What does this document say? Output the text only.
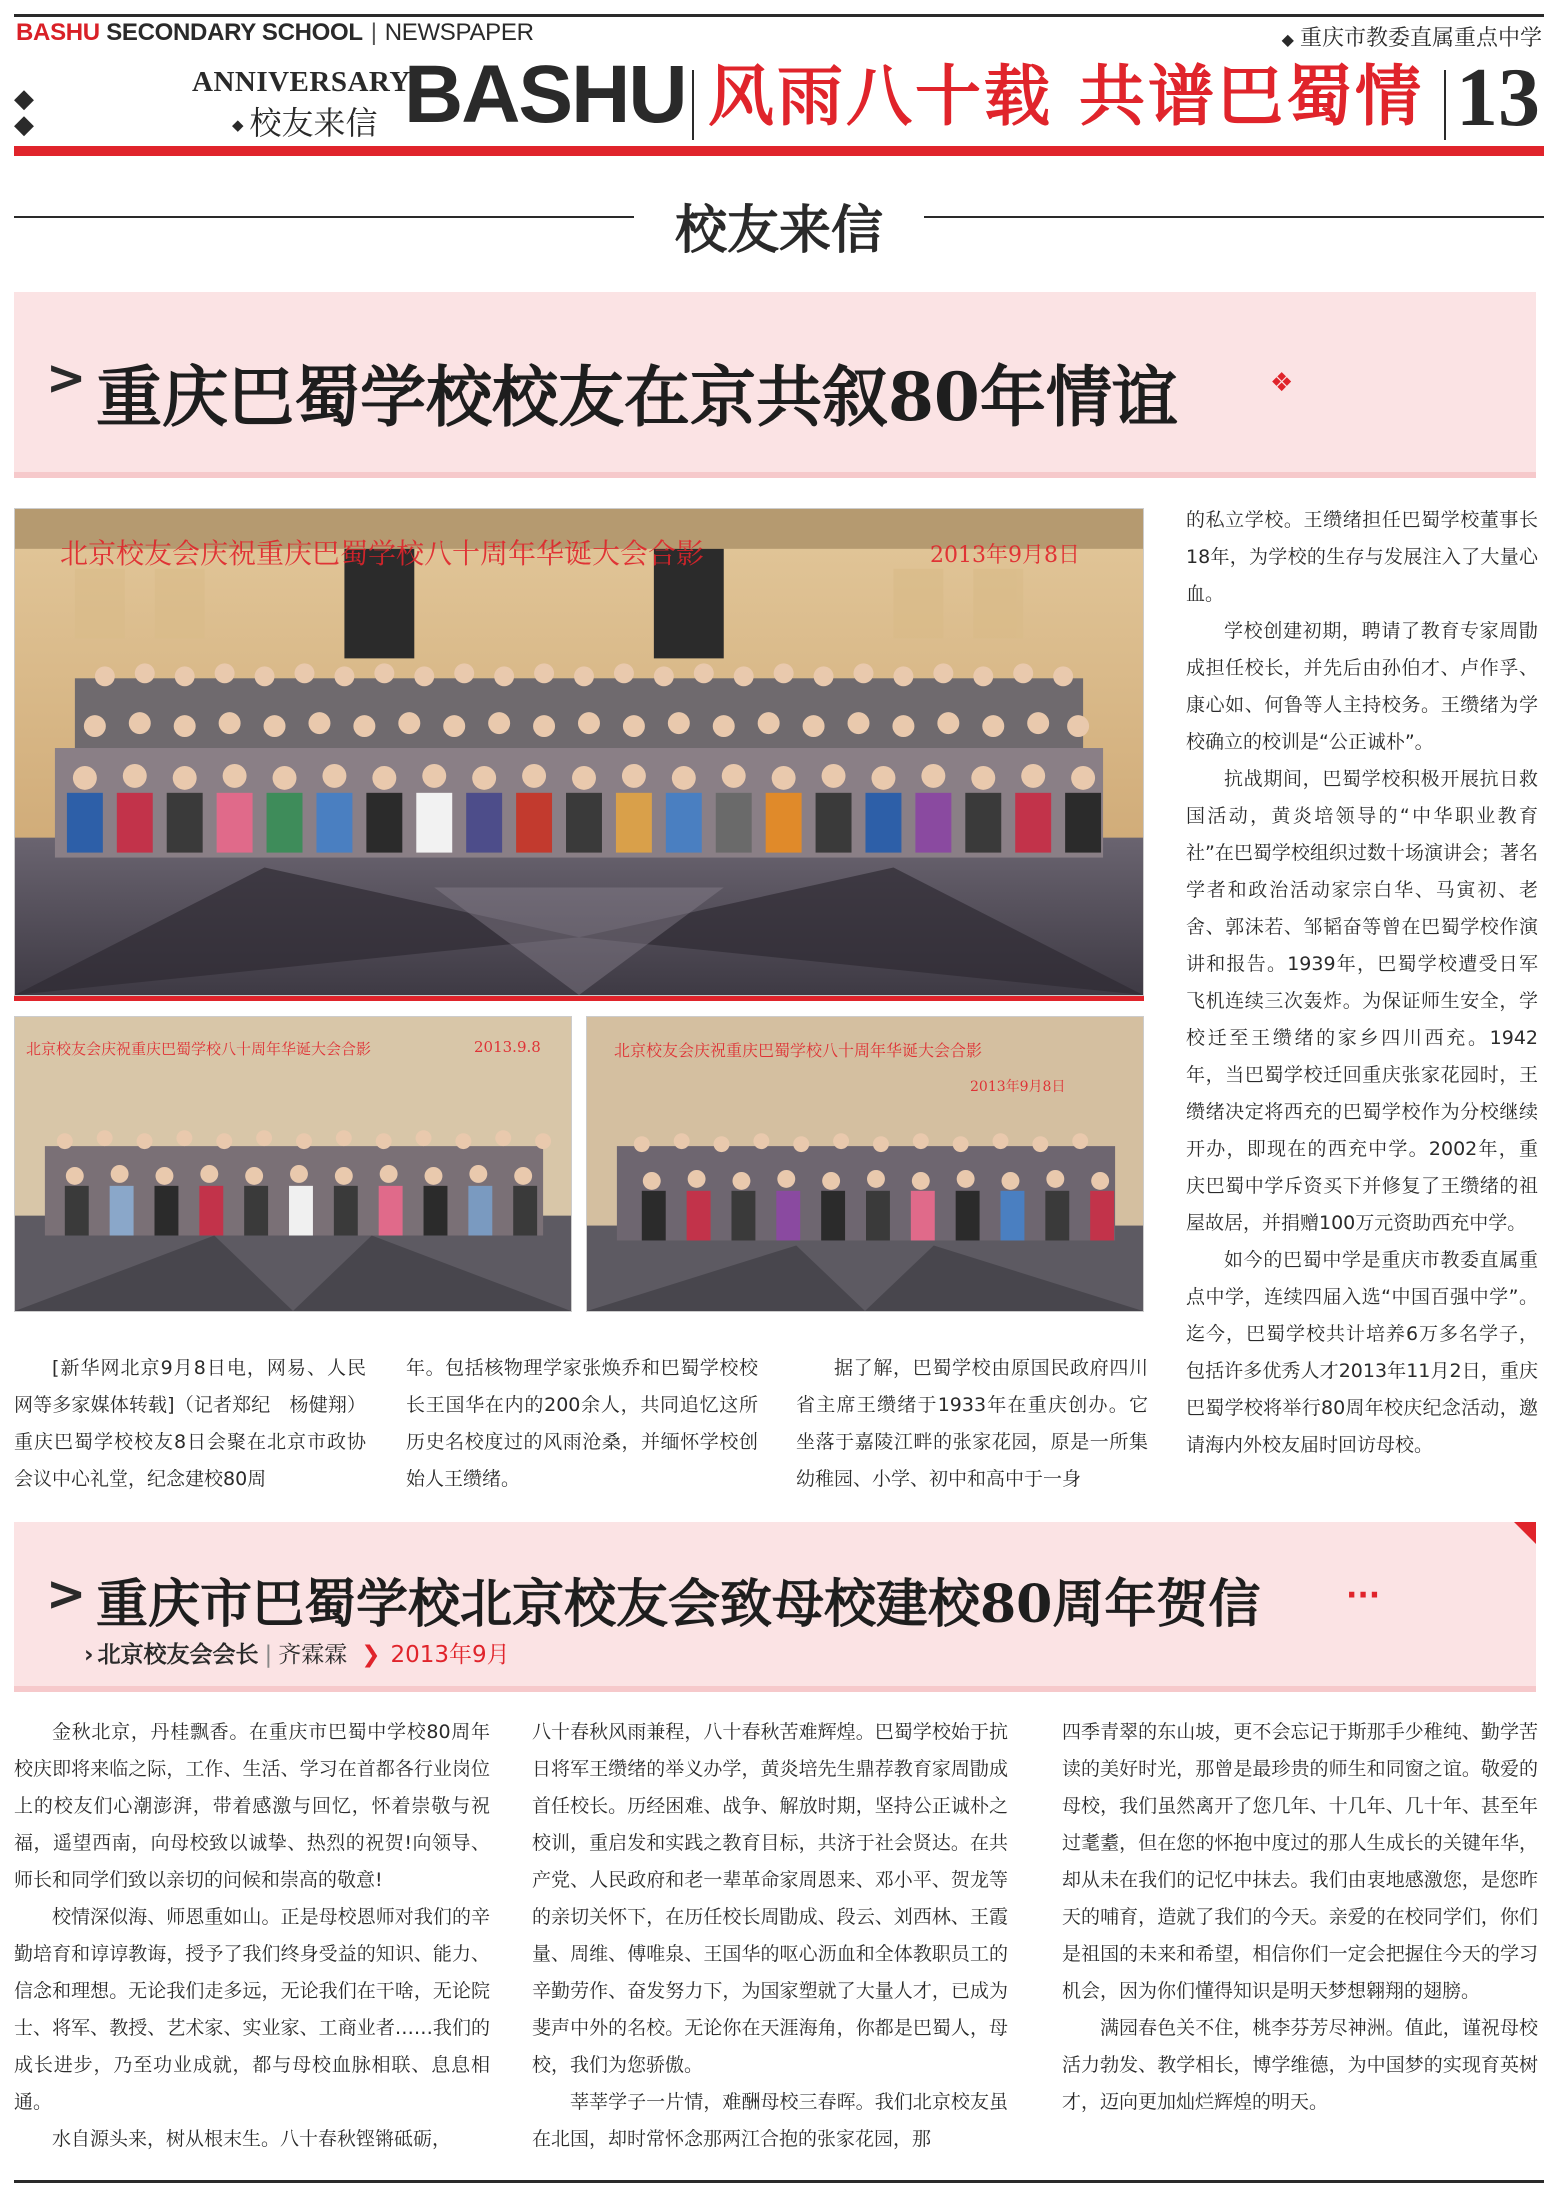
BASHU SECONDARY SCHOOL | NEWSPAPER	◆ 重庆市教委直属重点中学
◆
◆
ANNIVERSARY
◆ 校友来信 BASHU 风雨八十载 共谱巴蜀情 13
校友来信
> 重庆巴蜀学校校友在京共叙80年情谊	❖
北京校友会庆祝重庆巴蜀学校八十周年华诞大会合影	2013年9月8日
北京校友会庆祝重庆巴蜀学校八十周年华诞大会合影	2013.9.8	北京校友会庆祝重庆巴蜀学校八十周年华诞大会合影
2013年9月8日

[新华网北京9月8日电，网易、人民网等多家媒体转载]（记者郑纪　杨健翔）重庆巴蜀学校校友8日会聚在北京市政协会议中心礼堂，纪念建校80周

年。包括核物理学家张焕乔和巴蜀学校校长王国华在内的200余人，共同追忆这所历史名校度过的风雨沧桑，并缅怀学校创始人王缵绪。

据了解，巴蜀学校由原国民政府四川省主席王缵绪于1933年在重庆创办。它坐落于嘉陵江畔的张家花园，原是一所集幼稚园、小学、初中和高中于一身

的私立学校。王缵绪担任巴蜀学校董事长18年，为学校的生存与发展注入了大量心血。

学校创建初期，聘请了教育专家周勖成担任校长，并先后由孙伯才、卢作孚、康心如、何鲁等人主持校务。王缵绪为学校确立的校训是“公正诚朴”。

抗战期间，巴蜀学校积极开展抗日救国活动，黄炎培领导的“中华职业教育社”在巴蜀学校组织过数十场演讲会；著名学者和政治活动家宗白华、马寅初、老舍、郭沫若、邹韬奋等曾在巴蜀学校作演讲和报告。1939年，巴蜀学校遭受日军飞机连续三次轰炸。为保证师生安全，学校迁至王缵绪的家乡四川西充。1942年，当巴蜀学校迁回重庆张家花园时，王缵绪决定将西充的巴蜀学校作为分校继续开办，即现在的西充中学。2002年，重庆巴蜀中学斥资买下并修复了王缵绪的祖屋故居，并捐赠100万元资助西充中学。

如今的巴蜀中学是重庆市教委直属重点中学，连续四届入选“中国百强中学”。迄今，巴蜀学校共计培养6万多名学子，包括许多优秀人才2013年11月2日，重庆巴蜀学校将举行80周年校庆纪念活动，邀请海内外校友届时回访母校。

> 重庆市巴蜀学校北京校友会致母校建校80周年贺信	···
› 北京校友会会长 | 齐霖霖 ❯ 2013年9月

金秋北京，丹桂飘香。在重庆市巴蜀中学校80周年校庆即将来临之际，工作、生活、学习在首都各行业岗位上的校友们心潮澎湃，带着感激与回忆，怀着崇敬与祝福，遥望西南，向母校致以诚挚、热烈的祝贺!向领导、师长和同学们致以亲切的问候和崇高的敬意!

校情深似海、师恩重如山。正是母校恩师对我们的辛勤培育和谆谆教诲，授予了我们终身受益的知识、能力、信念和理想。无论我们走多远，无论我们在干啥，无论院士、将军、教授、艺术家、实业家、工商业者……我们的成长进步，乃至功业成就，都与母校血脉相联、息息相通。

水自源头来，树从根末生。八十春秋铿锵砥砺，

八十春秋风雨兼程，八十春秋苦难辉煌。巴蜀学校始于抗日将军王缵绪的举义办学，黄炎培先生鼎荐教育家周勖成首任校长。历经困难、战争、解放时期，坚持公正诚朴之校训，重启发和实践之教育目标，共济于社会贤达。在共产党、人民政府和老一辈革命家周恩来、邓小平、贺龙等的亲切关怀下，在历任校长周勖成、段云、刘西林、王霞量、周维、傅唯泉、王国华的呕心沥血和全体教职员工的辛勤劳作、奋发努力下，为国家塑就了大量人才，已成为斐声中外的名校。无论你在天涯海角，你都是巴蜀人，母校，我们为您骄傲。

莘莘学子一片情，难酬母校三春晖。我们北京校友虽在北国，却时常怀念那两江合抱的张家花园，那

四季青翠的东山坡，更不会忘记于斯那手少稚纯、勤学苦读的美好时光，那曾是最珍贵的师生和同窗之谊。敬爱的母校，我们虽然离开了您几年、十几年、几十年、甚至年过耄耋，但在您的怀抱中度过的那人生成长的关键年华，却从未在我们的记忆中抹去。我们由衷地感激您，是您昨天的哺育，造就了我们的今天。亲爱的在校同学们，你们是祖国的未来和希望，相信你们一定会把握住今天的学习机会，因为你们懂得知识是明天梦想翱翔的翅膀。

满园春色关不住，桃李芬芳尽神洲。值此，谨祝母校活力勃发、教学相长，博学维德，为中国梦的实现育英树才，迈向更加灿烂辉煌的明天。
